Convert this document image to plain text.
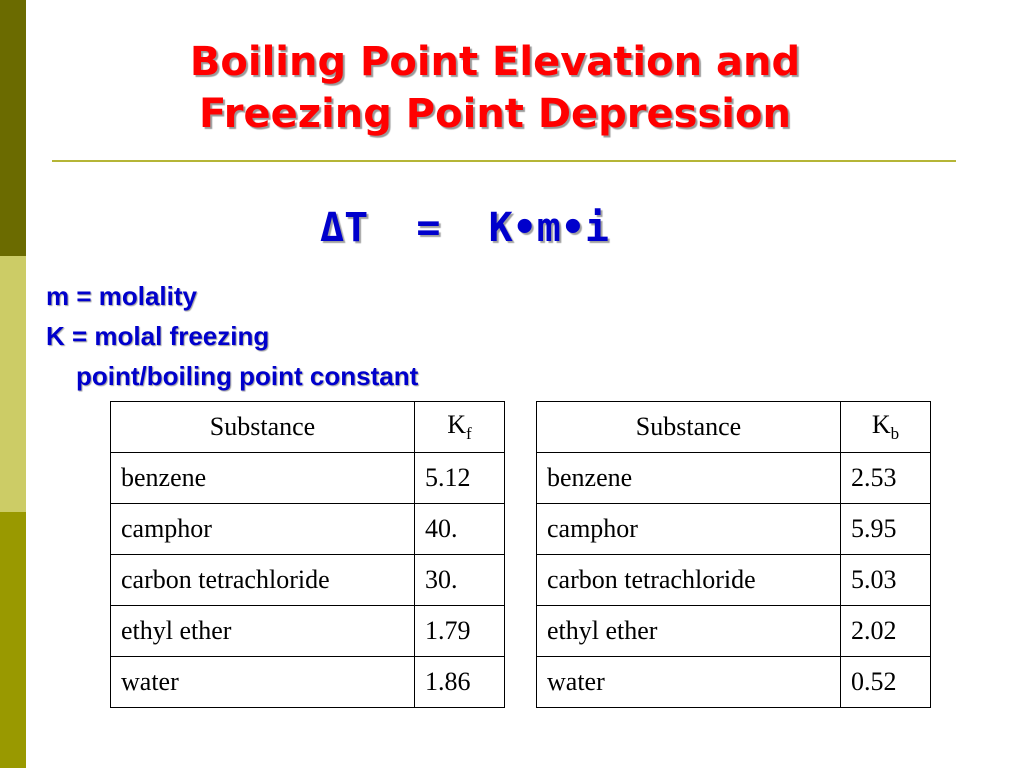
Boiling Point Elevation and
Freezing Point Depression
ΔT  =  K•m•i
m = molality
K = molal freezing
point/boiling point constant
Substance	$K_f$
benzene	5.12
camphor	40.
carbon tetrachloride	30.
ethyl ether	1.79
water	1.86
Substance	$K_b$
benzene	2.53
camphor	5.95
carbon tetrachloride	5.03
ethyl ether	2.02
water	0.52
